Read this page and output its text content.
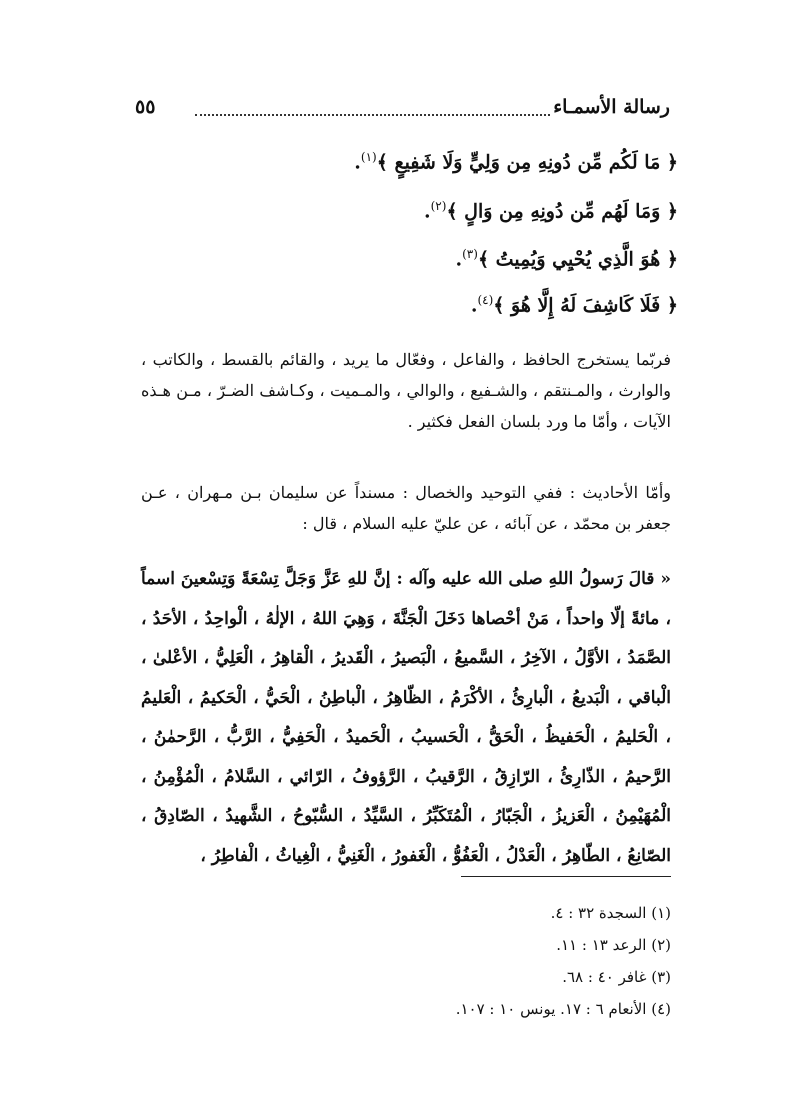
رسالة الأسمـاء
٥٥
﴿ مَا لَكُم مِّن دُونِهِ مِن وَلِيٍّ وَلَا شَفِيعٍ ﴾$^{(١)}$.
﴿ وَمَا لَهُم مِّن دُونِهِ مِن وَالٍ ﴾$^{(٢)}$.
﴿ هُوَ الَّذِي يُحْيِي وَيُمِيتُ ﴾$^{(٣)}$.
﴿ فَلَا كَاشِفَ لَهُ إِلَّا هُوَ ﴾$^{(٤)}$.
فربّما يستخرج الحافظ ، والفاعل ، وفعّال ما يريد ، والقائم بالقسط ، والكاتب ، والوارث ، والمـنتقم ، والشـفيع ، والوالي ، والمـميت ، وكـاشف الضـرّ ، مـن هـذه الآيات ، وأمّا ما ورد بلسان الفعل فكثير .
وأمّا الأحاديث : ففي التوحيد والخصال : مسنداً عن سليمان بـن مـهران ، عـن جعفر بن محمّد ، عن آبائه ، عن عليّ عليه السلام ، قال :
« قالَ رَسولُ اللهِ صلى الله عليه وآله : إنَّ للهِ عَزَّ وَجَلَّ تِسْعَةً وَتِسْعينَ اسماً ، مائةً إلّا واحداً ، مَنْ أحْصاها دَخَلَ الْجَنَّةَ ، وَهِيَ اللهُ ، الإلٰهُ ، الْواحِدُ ، الأحَدُ ، الصَّمَدُ ، الأوَّلُ ، الآخِرُ ، السَّميعُ ، الْبَصيرُ ، الْقَديرُ ، الْقاهِرُ ، الْعَلِيُّ ، الأعْلىٰ ، الْباقي ، الْبَديعُ ، الْبارِئُ ، الأكْرَمُ ، الظّاهِرُ ، الْباطِنُ ، الْحَيُّ ، الْحَكيمُ ، الْعَليمُ ، الْحَليمُ ، الْحَفيظُ ، الْحَقُّ ، الْحَسيبُ ، الْحَميدُ ، الْحَفِيُّ ، الرَّبُّ ، الرَّحمٰنُ ، الرَّحيمُ ، الذّارِئُ ، الرّازِقُ ، الرَّقيبُ ، الرَّؤوفُ ، الرّائي ، السَّلامُ ، الْمُؤْمِنُ ، الْمُهَيْمِنُ ، الْعَزيزُ ، الْجَبّارُ ، الْمُتَكَبِّرُ ، السَّيِّدُ ، السُّبّوحُ ، الشَّهيدُ ، الصّادِقُ ، الصّانِعُ ، الطّاهِرُ ، الْعَدْلُ ، الْعَفُوُّ ، الْغَفورُ ، الْغَنِيُّ ، الْغِياثُ ، الْفاطِرُ ،
(١) السجدة ٣٢ : ٤.
(٢) الرعد ١٣ : ١١.
(٣) غافر ٤٠ : ٦٨.
(٤) الأنعام ٦ : ١٧. يونس ١٠ : ١٠٧.
